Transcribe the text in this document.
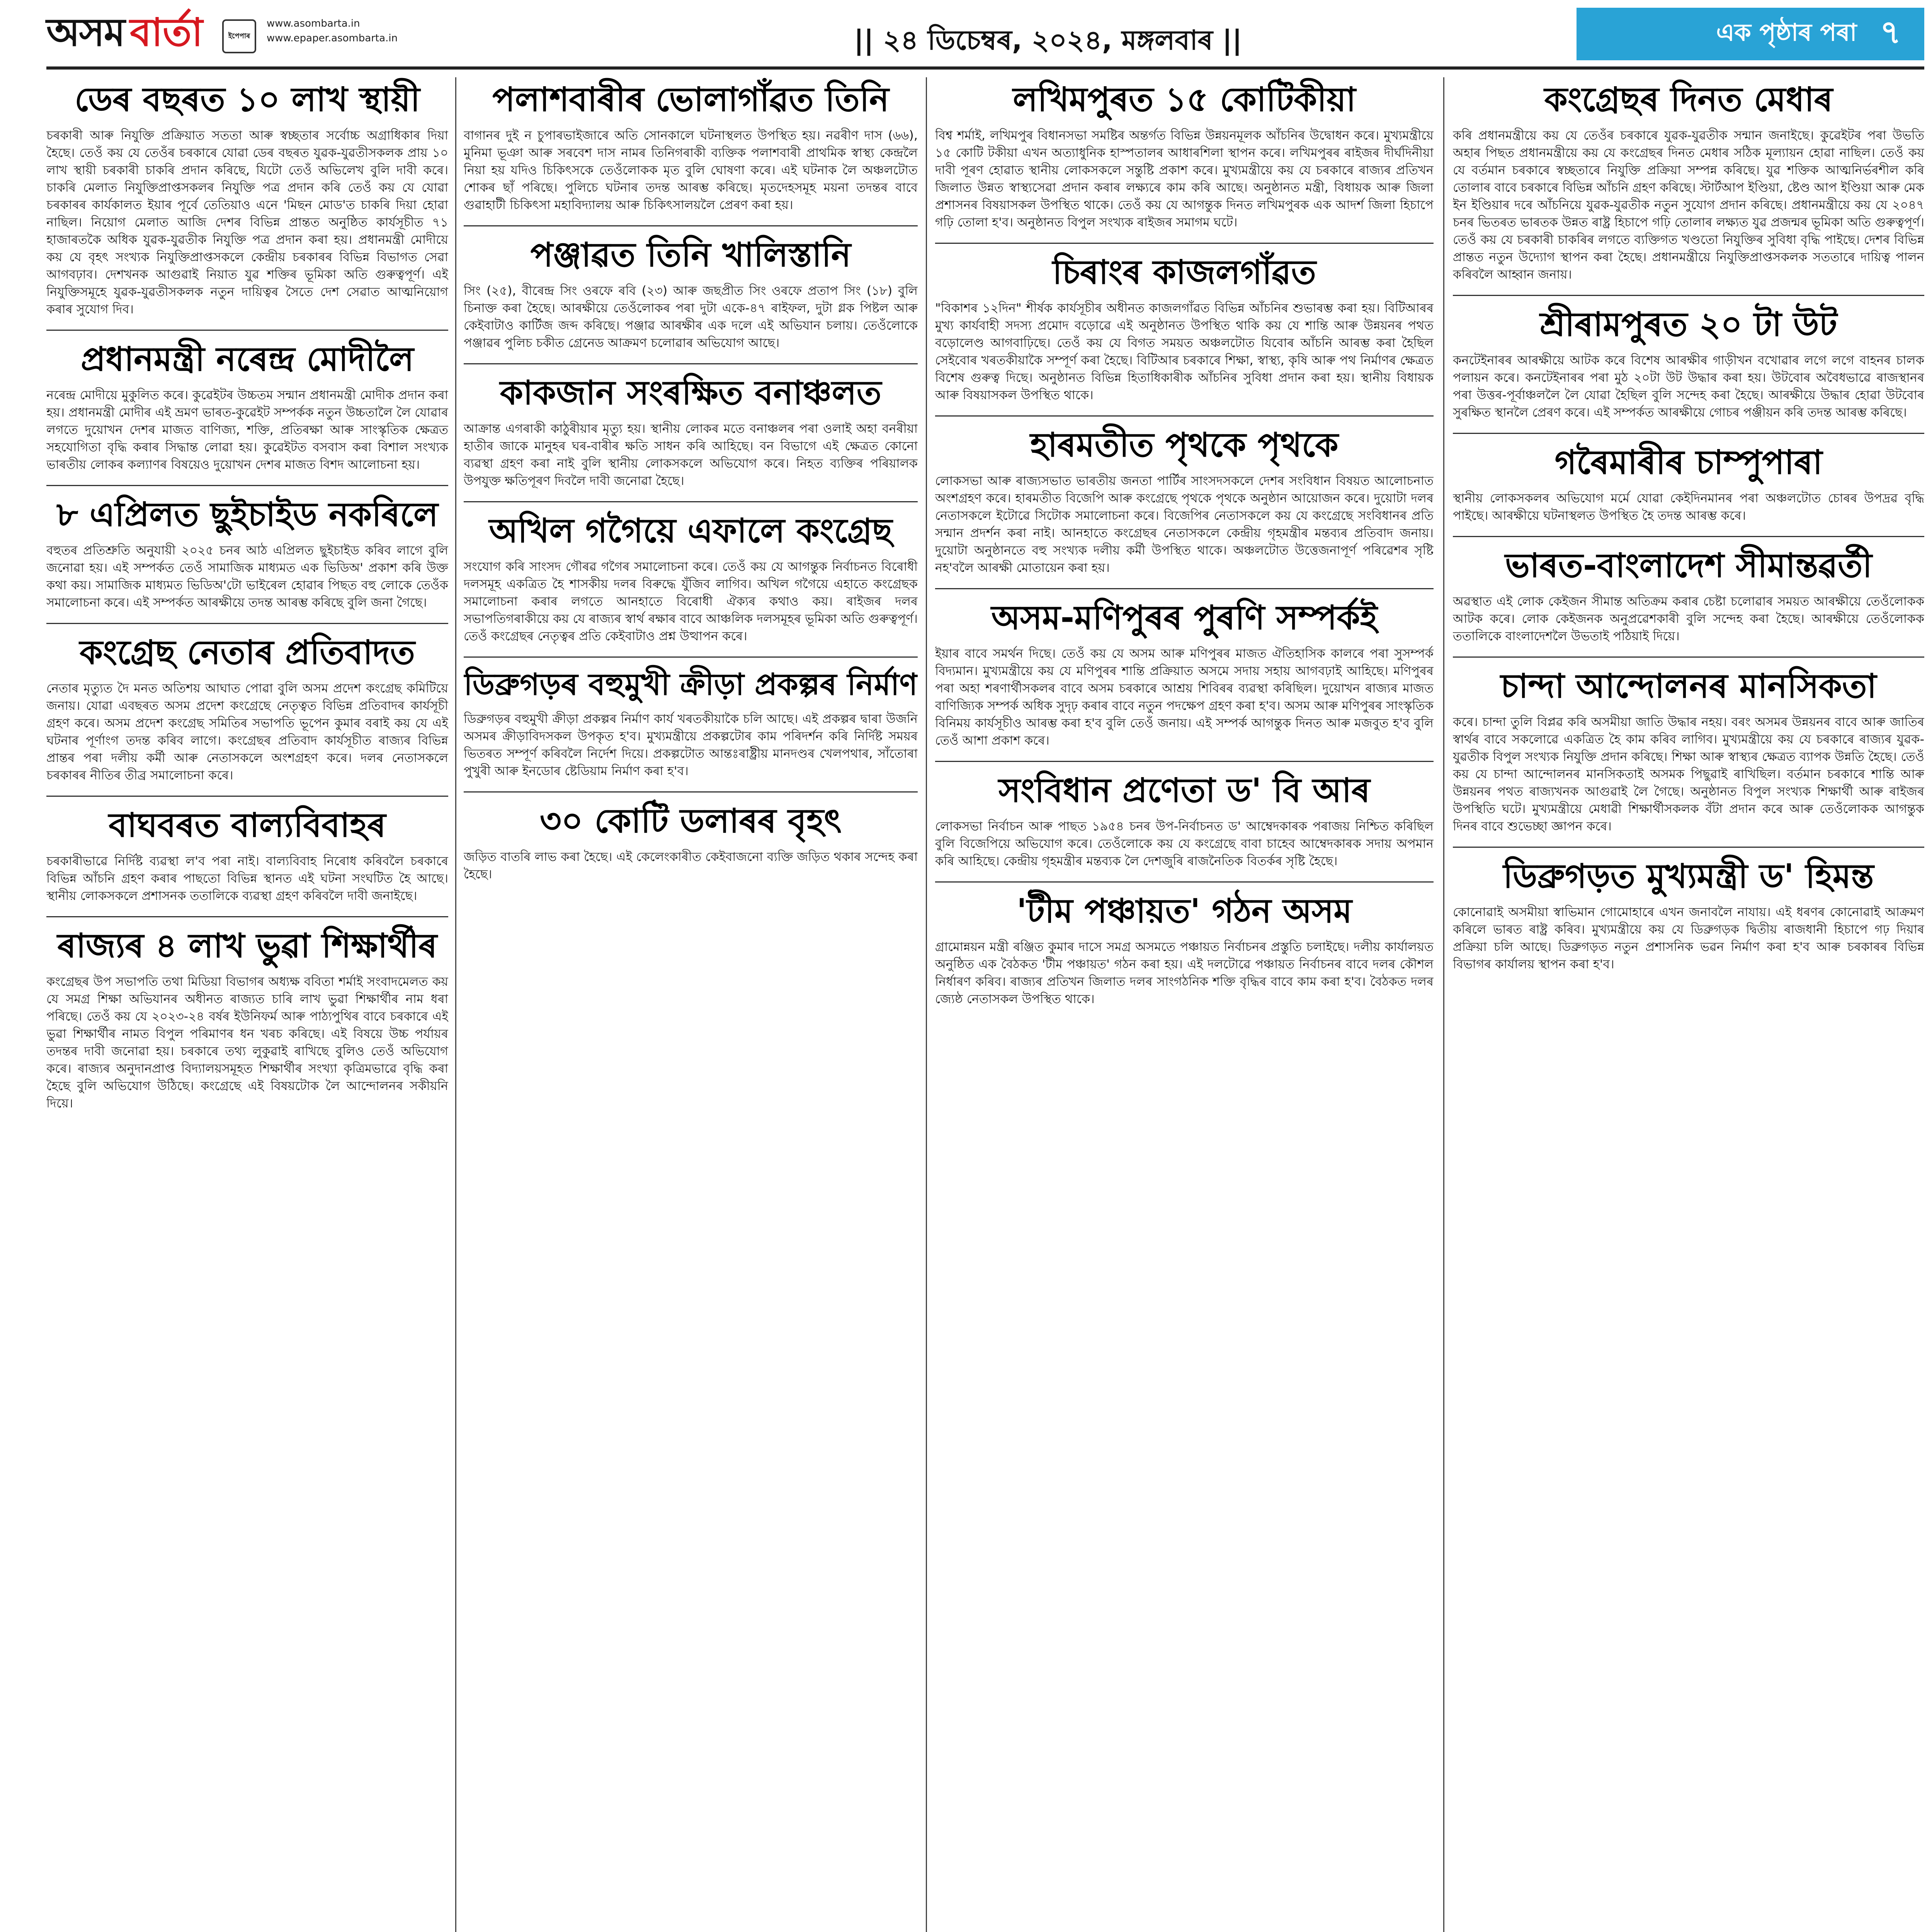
অসম বাৰ্তা	ইপেপাৰ
www.asombarta.in
www.epaper.asombarta.in	|| ২৪ ডিচেম্বৰ, ২০২৪, মঙ্গলবাৰ ||	এক পৃষ্ঠাৰ পৰা ৭
ডেৰ বছৰত ১০ লাখ স্থায়ী
চৰকাৰী আৰু নিযুক্তি প্ৰক্ৰিয়াত সততা আৰু স্বচ্ছতাৰ সৰ্বোচ্চ অগ্ৰাধিকাৰ দিয়া হৈছে। তেওঁ কয় যে তেওঁৰ চৰকাৰে যোৱা ডেৰ বছৰত যুৱক-যুৱতীসকলক প্ৰায় ১০ লাখ স্থায়ী চৰকাৰী চাকৰি প্ৰদান কৰিছে, যিটো তেওঁ অভিলেখ বুলি দাবী কৰে। চাকৰি মেলাত নিযুক্তিপ্ৰাপ্তসকলৰ নিযুক্তি পত্ৰ প্ৰদান কৰি তেওঁ কয় যে যোৱা চৰকাৰৰ কাৰ্যকালত ইয়াৰ পূৰ্বে তেতিয়াও এনে 'মিছন মোড'ত চাকৰি দিয়া হোৱা নাছিল। নিয়োগ মেলাত আজি দেশৰ বিভিন্ন প্ৰান্তত অনুষ্ঠিত কাৰ্যসূচীত ৭১ হাজাৰতকৈ অধিক যুৱক-যুৱতীক নিযুক্তি পত্ৰ প্ৰদান কৰা হয়। প্ৰধানমন্ত্ৰী মোদীয়ে কয় যে বৃহৎ সংখ্যক নিযুক্তিপ্ৰাপ্তসকলে কেন্দ্ৰীয় চৰকাৰৰ বিভিন্ন বিভাগত সেৱা আগবঢ়াব। দেশখনক আগুৱাই নিয়াত যুৱ শক্তিৰ ভূমিকা অতি গুৰুত্বপূৰ্ণ। এই নিযুক্তিসমূহে যুৱক-যুৱতীসকলক নতুন দায়িত্বৰ সৈতে দেশ সেৱাত আত্মনিয়োগ কৰাৰ সুযোগ দিব।
প্ৰধানমন্ত্ৰী নৰেন্দ্ৰ মোদীলৈ
নৰেন্দ্ৰ মোদীয়ে মুকুলিত কৰে। কুৱেইটৰ উচ্চতম সন্মান প্ৰধানমন্ত্ৰী মোদীক প্ৰদান কৰা হয়। প্ৰধানমন্ত্ৰী মোদীৰ এই ভ্ৰমণ ভাৰত-কুৱেইট সম্পৰ্কক নতুন উচ্চতালৈ লৈ যোৱাৰ লগতে দুয়োখন দেশৰ মাজত বাণিজ্য, শক্তি, প্ৰতিৰক্ষা আৰু সাংস্কৃতিক ক্ষেত্ৰত সহযোগিতা বৃদ্ধি কৰাৰ সিদ্ধান্ত লোৱা হয়। কুৱেইটত বসবাস কৰা বিশাল সংখ্যক ভাৰতীয় লোকৰ কল্যাণৰ বিষয়েও দুয়োখন দেশৰ মাজত বিশদ আলোচনা হয়।
৮ এপ্ৰিলত ছুইচাইড নকৰিলে
বহুতৰ প্ৰতিশ্ৰুতি অনুযায়ী ২০২৫ চনৰ আঠ এপ্ৰিলত ছুইচাইড কৰিব লাগে বুলি জনোৱা হয়। এই সম্পৰ্কত তেওঁ সামাজিক মাধ্যমত এক ভিডিঅ' প্ৰকাশ কৰি উক্ত কথা কয়। সামাজিক মাধ্যমত ভিডিঅ'টো ভাইৰেল হোৱাৰ পিছত বহু লোকে তেওঁক সমালোচনা কৰে। এই সম্পৰ্কত আৰক্ষীয়ে তদন্ত আৰম্ভ কৰিছে বুলি জনা গৈছে।
কংগ্ৰেছ নেতাৰ প্ৰতিবাদত
নেতাৰ মৃত্যুত দৈ মনত অতিশয় আঘাত পোৱা বুলি অসম প্ৰদেশ কংগ্ৰেছ কমিটিয়ে জনায়। যোৱা এবছৰত অসম প্ৰদেশ কংগ্ৰেছে নেতৃত্বত বিভিন্ন প্ৰতিবাদৰ কাৰ্যসূচী গ্ৰহণ কৰে। অসম প্ৰদেশ কংগ্ৰেছ সমিতিৰ সভাপতি ভূপেন কুমাৰ বৰাই কয় যে এই ঘটনাৰ পূৰ্ণাংগ তদন্ত কৰিব লাগে। কংগ্ৰেছৰ প্ৰতিবাদ কাৰ্যসূচীত ৰাজ্যৰ বিভিন্ন প্ৰান্তৰ পৰা দলীয় কৰ্মী আৰু নেতাসকলে অংশগ্ৰহণ কৰে। দলৰ নেতাসকলে চৰকাৰৰ নীতিৰ তীব্ৰ সমালোচনা কৰে।
বাঘবৰত বাল্যবিবাহৰ
চৰকাৰীভাৱে নিৰ্দিষ্ট ব্যৱস্থা ল'ব পৰা নাই। বাল্যবিবাহ নিৰোধ কৰিবলৈ চৰকাৰে বিভিন্ন আঁচনি গ্ৰহণ কৰাৰ পাছতো বিভিন্ন স্থানত এই ঘটনা সংঘটিত হৈ আছে। স্থানীয় লোকসকলে প্ৰশাসনক ততালিকে ব্যৱস্থা গ্ৰহণ কৰিবলৈ দাবী জনাইছে।
ৰাজ্যৰ ৪ লাখ ভুৱা শিক্ষাৰ্থীৰ
কংগ্ৰেছৰ উপ সভাপতি তথা মিডিয়া বিভাগৰ অধ্যক্ষ ববিতা শৰ্মাই সংবাদমেলত কয় যে সমগ্ৰ শিক্ষা অভিযানৰ অধীনত ৰাজ্যত চাৰি লাখ ভুৱা শিক্ষাৰ্থীৰ নাম ধৰা পৰিছে। তেওঁ কয় যে ২০২৩-২৪ বৰ্ষৰ ইউনিফৰ্ম আৰু পাঠ্যপুথিৰ বাবে চৰকাৰে এই ভুৱা শিক্ষাৰ্থীৰ নামত বিপুল পৰিমাণৰ ধন খৰচ কৰিছে। এই বিষয়ে উচ্চ পৰ্যায়ৰ তদন্তৰ দাবী জনোৱা হয়। চৰকাৰে তথ্য লুকুৱাই ৰাখিছে বুলিও তেওঁ অভিযোগ কৰে। ৰাজ্যৰ অনুদানপ্ৰাপ্ত বিদ্যালয়সমূহত শিক্ষাৰ্থীৰ সংখ্যা কৃত্ৰিমভাৱে বৃদ্ধি কৰা হৈছে বুলি অভিযোগ উঠিছে। কংগ্ৰেছে এই বিষয়টোক লৈ আন্দোলনৰ সকীয়নি দিয়ে।
পলাশবাৰীৰ ভোলাগাঁৱত তিনি
বাগানৰ দুই ন চুপাৰভাইজাৰে অতি সোনকালে ঘটনাস্থলত উপস্থিত হয়। নৱৰীণ দাস (৬৬), মুনিমা ভূঞা আৰু সৰবেশ দাস নামৰ তিনিগৰাকী ব্যক্তিক পলাশবাৰী প্ৰাথমিক স্বাস্থ্য কেন্দ্ৰলৈ নিয়া হয় যদিও চিকিৎসকে তেওঁলোকক মৃত বুলি ঘোষণা কৰে। এই ঘটনাক লৈ অঞ্চলটোত শোকৰ ছাঁ পৰিছে। পুলিচে ঘটনাৰ তদন্ত আৰম্ভ কৰিছে। মৃতদেহসমূহ ময়না তদন্তৰ বাবে গুৱাহাটী চিকিৎসা মহাবিদ্যালয় আৰু চিকিৎসালয়লৈ প্ৰেৰণ কৰা হয়।
পঞ্জাৱত তিনি খালিস্তানি
সিং (২৫), বীৰেন্দ্ৰ সিং ওৰফে ৰবি (২৩) আৰু জছপ্ৰীত সিং ওৰফে প্ৰতাপ সিং (১৮) বুলি চিনাক্ত কৰা হৈছে। আৰক্ষীয়ে তেওঁলোকৰ পৰা দুটা একে-৪৭ ৰাইফল, দুটা গ্লক পিষ্টল আৰু কেইবাটাও কাৰ্টিজ জব্দ কৰিছে। পঞ্জাৱ আৰক্ষীৰ এক দলে এই অভিযান চলায়। তেওঁলোকে পঞ্জাৱৰ পুলিচ চকীত গ্ৰেনেড আক্ৰমণ চলোৱাৰ অভিযোগ আছে।
কাকজান সংৰক্ষিত বনাঞ্চলত
আক্ৰান্ত এগৰাকী কাঠুৰীয়াৰ মৃত্যু হয়। স্থানীয় লোকৰ মতে বনাঞ্চলৰ পৰা ওলাই অহা বনৰীয়া হাতীৰ জাকে মানুহৰ ঘৰ-বাৰীৰ ক্ষতি সাধন কৰি আহিছে। বন বিভাগে এই ক্ষেত্ৰত কোনো ব্যৱস্থা গ্ৰহণ কৰা নাই বুলি স্থানীয় লোকসকলে অভিযোগ কৰে। নিহত ব্যক্তিৰ পৰিয়ালক উপযুক্ত ক্ষতিপূৰণ দিবলৈ দাবী জনোৱা হৈছে।
অখিল গগৈয়ে এফালে কংগ্ৰেছ
সংযোগ কৰি সাংসদ গৌৰৱ গগৈৰ সমালোচনা কৰে। তেওঁ কয় যে আগন্তুক নিৰ্বাচনত বিৰোধী দলসমূহ একত্ৰিত হৈ শাসকীয় দলৰ বিৰুদ্ধে যুঁজিব লাগিব। অখিল গগৈয়ে এহাতে কংগ্ৰেছক সমালোচনা কৰাৰ লগতে আনহাতে বিৰোধী ঐক্যৰ কথাও কয়। ৰাইজৰ দলৰ সভাপতিগৰাকীয়ে কয় যে ৰাজ্যৰ স্বাৰ্থ ৰক্ষাৰ বাবে আঞ্চলিক দলসমূহৰ ভূমিকা অতি গুৰুত্বপূৰ্ণ। তেওঁ কংগ্ৰেছৰ নেতৃত্বৰ প্ৰতি কেইবাটাও প্ৰশ্ন উত্থাপন কৰে।
ডিব্ৰুগড়ৰ বহুমুখী ক্ৰীড়া প্ৰকল্পৰ নিৰ্মাণ
ডিব্ৰুগড়ৰ বহুমুখী ক্ৰীড়া প্ৰকল্পৰ নিৰ্মাণ কাৰ্য খৰতকীয়াকৈ চলি আছে। এই প্ৰকল্পৰ দ্বাৰা উজনি অসমৰ ক্ৰীড়াবিদসকল উপকৃত হ'ব। মুখ্যমন্ত্ৰীয়ে প্ৰকল্পটোৰ কাম পৰিদৰ্শন কৰি নিৰ্দিষ্ট সময়ৰ ভিতৰত সম্পূৰ্ণ কৰিবলৈ নিৰ্দেশ দিয়ে। প্ৰকল্পটোত আন্তঃৰাষ্ট্ৰীয় মানদণ্ডৰ খেলপথাৰ, সাঁতোৰা পুখুৰী আৰু ইনডোৰ ষ্টেডিয়াম নিৰ্মাণ কৰা হ'ব।
৩০ কোটি ডলাৰৰ বৃহৎ
জড়িত বাতৰি লাভ কৰা হৈছে। এই কেলেংকাৰীত কেইবাজনো ব্যক্তি জড়িত থকাৰ সন্দেহ কৰা হৈছে।
লখিমপুৰত ১৫ কোটিকীয়া
বিশ্ব শৰ্মাই, লখিমপুৰ বিধানসভা সমষ্টিৰ অন্তৰ্গত বিভিন্ন উন্নয়নমূলক আঁচনিৰ উদ্বোধন কৰে। মুখ্যমন্ত্ৰীয়ে ১৫ কোটি টকীয়া এখন অত্যাধুনিক হাস্পতালৰ আধাৰশিলা স্থাপন কৰে। লখিমপুৰৰ ৰাইজৰ দীৰ্ঘদিনীয়া দাবী পূৰণ হোৱাত স্থানীয় লোকসকলে সন্তুষ্টি প্ৰকাশ কৰে। মুখ্যমন্ত্ৰীয়ে কয় যে চৰকাৰে ৰাজ্যৰ প্ৰতিখন জিলাত উন্নত স্বাস্থ্যসেৱা প্ৰদান কৰাৰ লক্ষ্যৰে কাম কৰি আছে। অনুষ্ঠানত মন্ত্ৰী, বিধায়ক আৰু জিলা প্ৰশাসনৰ বিষয়াসকল উপস্থিত থাকে। তেওঁ কয় যে আগন্তুক দিনত লখিমপুৰক এক আদৰ্শ জিলা হিচাপে গঢ়ি তোলা হ'ব। অনুষ্ঠানত বিপুল সংখ্যক ৰাইজৰ সমাগম ঘটে।
চিৰাংৰ কাজলগাঁৱত
"বিকাশৰ ১২দিন" শীৰ্ষক কাৰ্যসূচীৰ অধীনত কাজলগাঁৱত বিভিন্ন আঁচনিৰ শুভাৰম্ভ কৰা হয়। বিটিআৰৰ মুখ্য কাৰ্যবাহী সদস্য প্ৰমোদ বড়োৱে এই অনুষ্ঠানত উপস্থিত থাকি কয় যে শান্তি আৰু উন্নয়নৰ পথত বড়োলেণ্ড আগবাঢ়িছে। তেওঁ কয় যে বিগত সময়ত অঞ্চলটোত যিবোৰ আঁচনি আৰম্ভ কৰা হৈছিল সেইবোৰ খৰতকীয়াকৈ সম্পূৰ্ণ কৰা হৈছে। বিটিআৰ চৰকাৰে শিক্ষা, স্বাস্থ্য, কৃষি আৰু পথ নিৰ্মাণৰ ক্ষেত্ৰত বিশেষ গুৰুত্ব দিছে। অনুষ্ঠানত বিভিন্ন হিতাধিকাৰীক আঁচনিৰ সুবিধা প্ৰদান কৰা হয়। স্থানীয় বিধায়ক আৰু বিষয়াসকল উপস্থিত থাকে।
হাৰমতীত পৃথকে পৃথকে
লোকসভা আৰু ৰাজ্যসভাত ভাৰতীয় জনতা পাৰ্টিৰ সাংসদসকলে দেশৰ সংবিধান বিষয়ত আলোচনাত অংশগ্ৰহণ কৰে। হাৰমতীত বিজেপি আৰু কংগ্ৰেছে পৃথকে পৃথকে অনুষ্ঠান আয়োজন কৰে। দুয়োটা দলৰ নেতাসকলে ইটোৱে সিটোক সমালোচনা কৰে। বিজেপিৰ নেতাসকলে কয় যে কংগ্ৰেছে সংবিধানৰ প্ৰতি সন্মান প্ৰদৰ্শন কৰা নাই। আনহাতে কংগ্ৰেছৰ নেতাসকলে কেন্দ্ৰীয় গৃহমন্ত্ৰীৰ মন্তব্যৰ প্ৰতিবাদ জনায়। দুয়োটা অনুষ্ঠানতে বহু সংখ্যক দলীয় কৰ্মী উপস্থিত থাকে। অঞ্চলটোত উত্তেজনাপূৰ্ণ পৰিৱেশৰ সৃষ্টি নহ'বলৈ আৰক্ষী মোতায়েন কৰা হয়।
অসম-মণিপুৰৰ পুৰণি সম্পৰ্কই
ইয়াৰ বাবে সমৰ্থন দিছে। তেওঁ কয় যে অসম আৰু মণিপুৰৰ মাজত ঐতিহাসিক কালৰে পৰা সুসম্পৰ্ক বিদ্যমান। মুখ্যমন্ত্ৰীয়ে কয় যে মণিপুৰৰ শান্তি প্ৰক্ৰিয়াত অসমে সদায় সহায় আগবঢ়াই আহিছে। মণিপুৰৰ পৰা অহা শৰণাৰ্থীসকলৰ বাবে অসম চৰকাৰে আশ্ৰয় শিবিৰৰ ব্যৱস্থা কৰিছিল। দুয়োখন ৰাজ্যৰ মাজত বাণিজ্যিক সম্পৰ্ক অধিক সুদৃঢ় কৰাৰ বাবে নতুন পদক্ষেপ গ্ৰহণ কৰা হ'ব। অসম আৰু মণিপুৰৰ সাংস্কৃতিক বিনিময় কাৰ্যসূচীও আৰম্ভ কৰা হ'ব বুলি তেওঁ জনায়। এই সম্পৰ্ক আগন্তুক দিনত আৰু মজবুত হ'ব বুলি তেওঁ আশা প্ৰকাশ কৰে।
সংবিধান প্ৰণেতা ড' বি আৰ
লোকসভা নিৰ্বাচন আৰু পাছত ১৯৫৪ চনৰ উপ-নিৰ্বাচনত ড' আম্বেদকাৰক পৰাজয় নিশ্চিত কৰিছিল বুলি বিজেপিয়ে অভিযোগ কৰে। তেওঁলোকে কয় যে কংগ্ৰেছে বাবা চাহেব আম্বেদকাৰক সদায় অপমান কৰি আহিছে। কেন্দ্ৰীয় গৃহমন্ত্ৰীৰ মন্তব্যক লৈ দেশজুৰি ৰাজনৈতিক বিতৰ্কৰ সৃষ্টি হৈছে।
'টীম পঞ্চায়ত' গঠন অসম
গ্ৰামোন্নয়ন মন্ত্ৰী ৰঞ্জিত কুমাৰ দাসে সমগ্ৰ অসমতে পঞ্চায়ত নিৰ্বাচনৰ প্ৰস্তুতি চলাইছে। দলীয় কাৰ্যালয়ত অনুষ্ঠিত এক বৈঠকত 'টীম পঞ্চায়ত' গঠন কৰা হয়। এই দলটোৱে পঞ্চায়ত নিৰ্বাচনৰ বাবে দলৰ কৌশল নিৰ্ধাৰণ কৰিব। ৰাজ্যৰ প্ৰতিখন জিলাত দলৰ সাংগঠনিক শক্তি বৃদ্ধিৰ বাবে কাম কৰা হ'ব। বৈঠকত দলৰ জ্যেষ্ঠ নেতাসকল উপস্থিত থাকে।
কংগ্ৰেছৰ দিনত মেধাৰ
কৰি প্ৰধানমন্ত্ৰীয়ে কয় যে তেওঁৰ চৰকাৰে যুৱক-যুৱতীক সন্মান জনাইছে। কুৱেইটৰ পৰা উভতি অহাৰ পিছত প্ৰধানমন্ত্ৰীয়ে কয় যে কংগ্ৰেছৰ দিনত মেধাৰ সঠিক মূল্যায়ন হোৱা নাছিল। তেওঁ কয় যে বৰ্তমান চৰকাৰে স্বচ্ছতাৰে নিযুক্তি প্ৰক্ৰিয়া সম্পন্ন কৰিছে। যুৱ শক্তিক আত্মনিৰ্ভৰশীল কৰি তোলাৰ বাবে চৰকাৰে বিভিন্ন আঁচনি গ্ৰহণ কৰিছে। স্টাৰ্টআপ ইণ্ডিয়া, ষ্টেণ্ড আপ ইণ্ডিয়া আৰু মেক ইন ইণ্ডিয়াৰ দৰে আঁচনিয়ে যুৱক-যুৱতীক নতুন সুযোগ প্ৰদান কৰিছে। প্ৰধানমন্ত্ৰীয়ে কয় যে ২০৪৭ চনৰ ভিতৰত ভাৰতক উন্নত ৰাষ্ট্ৰ হিচাপে গঢ়ি তোলাৰ লক্ষ্যত যুৱ প্ৰজন্মৰ ভূমিকা অতি গুৰুত্বপূৰ্ণ। তেওঁ কয় যে চৰকাৰী চাকৰিৰ লগতে ব্যক্তিগত খণ্ডতো নিযুক্তিৰ সুবিধা বৃদ্ধি পাইছে। দেশৰ বিভিন্ন প্ৰান্তত নতুন উদ্যোগ স্থাপন কৰা হৈছে। প্ৰধানমন্ত্ৰীয়ে নিযুক্তিপ্ৰাপ্তসকলক সততাৰে দায়িত্ব পালন কৰিবলৈ আহ্বান জনায়।
শ্ৰীৰামপুৰত ২০ টা উট
কনটেইনাৰৰ আৰক্ষীয়ে আটক কৰে বিশেষ আৰক্ষীৰ গাড়ীখন বখোৱাৰ লগে লগে বাহনৰ চালক পলায়ন কৰে। কনটেইনাৰৰ পৰা মুঠ ২০টা উট উদ্ধাৰ কৰা হয়। উটবোৰ অবৈধভাৱে ৰাজস্থানৰ পৰা উত্তৰ-পূৰ্বাঞ্চললৈ লৈ যোৱা হৈছিল বুলি সন্দেহ কৰা হৈছে। আৰক্ষীয়ে উদ্ধাৰ হোৱা উটবোৰ সুৰক্ষিত স্থানলৈ প্ৰেৰণ কৰে। এই সম্পৰ্কত আৰক্ষীয়ে গোচৰ পঞ্জীয়ন কৰি তদন্ত আৰম্ভ কৰিছে।
গৰৈমাৰীৰ চাম্পুপাৰা
স্থানীয় লোকসকলৰ অভিযোগ মৰ্মে যোৱা কেইদিনমানৰ পৰা অঞ্চলটোত চোৰৰ উপদ্ৰৱ বৃদ্ধি পাইছে। আৰক্ষীয়ে ঘটনাস্থলত উপস্থিত হৈ তদন্ত আৰম্ভ কৰে।
ভাৰত-বাংলাদেশ সীমান্তৱৰ্তী
অৱস্থাত এই লোক কেইজন সীমান্ত অতিক্ৰম কৰাৰ চেষ্টা চলোৱাৰ সময়ত আৰক্ষীয়ে তেওঁলোকক আটক কৰে। লোক কেইজনক অনুপ্ৰৱেশকাৰী বুলি সন্দেহ কৰা হৈছে। আৰক্ষীয়ে তেওঁলোকক ততালিকে বাংলাদেশলৈ উভতাই পঠিয়াই দিয়ে।
চান্দা আন্দোলনৰ মানসিকতা
কৰে। চান্দা তুলি বিপ্লৱ কৰি অসমীয়া জাতি উদ্ধাৰ নহয়। বৰং অসমৰ উন্নয়নৰ বাবে আৰু জাতিৰ স্বাৰ্থৰ বাবে সকলোৱে একত্ৰিত হৈ কাম কৰিব লাগিব। মুখ্যমন্ত্ৰীয়ে কয় যে চৰকাৰে ৰাজ্যৰ যুৱক-যুৱতীক বিপুল সংখ্যক নিযুক্তি প্ৰদান কৰিছে। শিক্ষা আৰু স্বাস্থ্যৰ ক্ষেত্ৰত ব্যাপক উন্নতি হৈছে। তেওঁ কয় যে চান্দা আন্দোলনৰ মানসিকতাই অসমক পিছুৱাই ৰাখিছিল। বৰ্তমান চৰকাৰে শান্তি আৰু উন্নয়নৰ পথত ৰাজ্যখনক আগুৱাই লৈ গৈছে। অনুষ্ঠানত বিপুল সংখ্যক শিক্ষাৰ্থী আৰু ৰাইজৰ উপস্থিতি ঘটে। মুখ্যমন্ত্ৰীয়ে মেধাৱী শিক্ষাৰ্থীসকলক বঁটা প্ৰদান কৰে আৰু তেওঁলোকক আগন্তুক দিনৰ বাবে শুভেচ্ছা জ্ঞাপন কৰে।
ডিব্ৰুগড়ত মুখ্যমন্ত্ৰী ড' হিমন্ত
কোনোৱাই অসমীয়া স্বাভিমান গোমোহাৰে এখন জনাবলৈ নাযায়। এই ধৰণৰ কোনোৱাই আক্ৰমণ কৰিলে ভাৰত ৰাষ্ট্ৰ কৰিব। মুখ্যমন্ত্ৰীয়ে কয় যে ডিব্ৰুগড়ক দ্বিতীয় ৰাজধানী হিচাপে গঢ় দিয়াৰ প্ৰক্ৰিয়া চলি আছে। ডিব্ৰুগড়ত নতুন প্ৰশাসনিক ভৱন নিৰ্মাণ কৰা হ'ব আৰু চৰকাৰৰ বিভিন্ন বিভাগৰ কাৰ্যালয় স্থাপন কৰা হ'ব।
